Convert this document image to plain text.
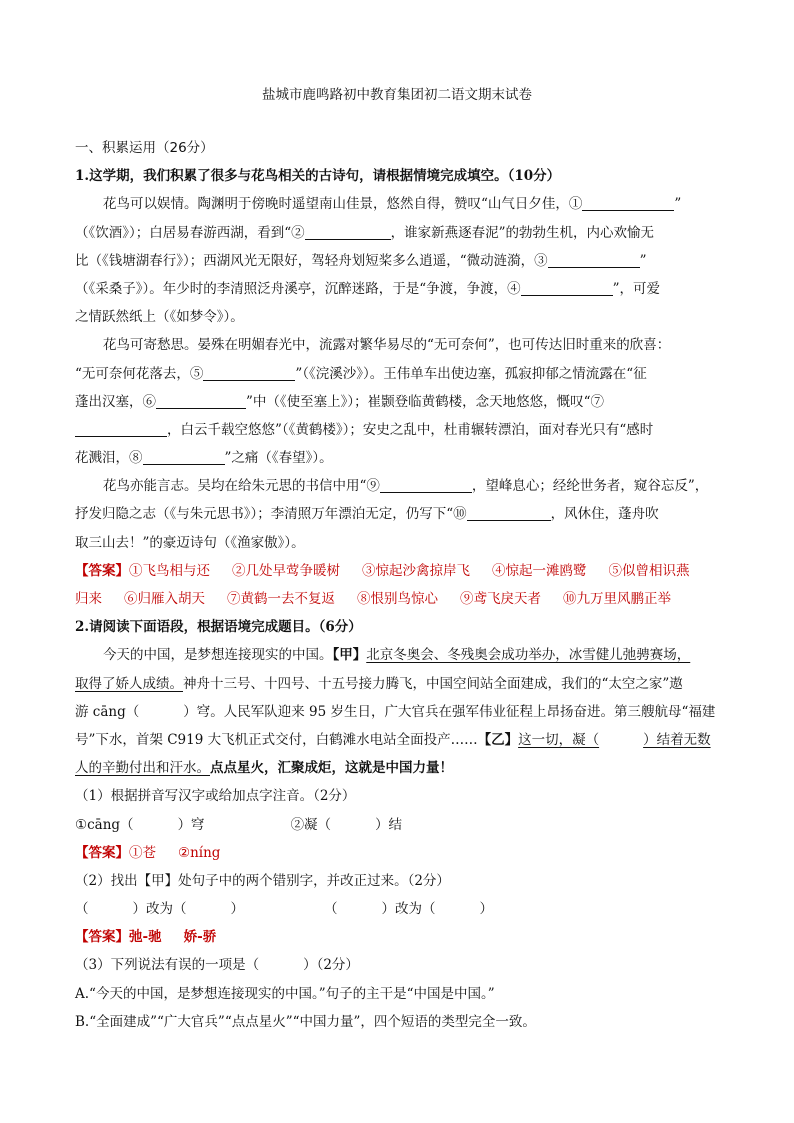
盐城市鹿鸣路初中教育集团初二语文期末试卷
一、积累运用（26分）
1.这学期，我们积累了很多与花鸟相关的古诗句，请根据情境完成填空。（10分）
花鸟可以娱情。陶渊明于傍晚时遥望南山佳景，悠然自得，赞叹“山气日夕佳，①	”
（《饮酒》）；白居易春游西湖，看到“②	，谁家新燕逐春泥”的勃勃生机，内心欢愉无
比（《钱塘湖春行》）；西湖风光无限好，驾轻舟划短桨多么逍遥，“微动涟漪，③	”
（《采桑子》）。年少时的李清照泛舟溪亭，沉醉迷路，于是“争渡，争渡，④	”，可爱
之情跃然纸上（《如梦令》）。
花鸟可寄愁思。晏殊在明媚春光中，流露对繁华易尽的“无可奈何”，也可传达旧时重来的欣喜：
“无可奈何花落去，⑤	”（《浣溪沙》）。王伟单车出使边塞，孤寂抑郁之情流露在“征
蓬出汉塞，⑥	”中（《使至塞上》）；崔颢登临黄鹤楼，念天地悠悠，慨叹“⑦
，白云千载空悠悠”（《黄鹤楼》）；安史之乱中，杜甫辗转漂泊，面对春光只有“感时
花溅泪，⑧	”之痛（《春望》）。
花鸟亦能言志。吴均在给朱元思的书信中用“⑨	，望峰息心；经纶世务者，窥谷忘反”，
抒发归隐之志（《与朱元思书》）；李清照万年漂泊无定，仍写下“⑩	，风休住，蓬舟吹
取三山去！”的豪迈诗句（《渔家傲》）。
【答案】①飞鸟相与还 ②几处早莺争暖树 ③惊起沙禽掠岸飞 ④惊起一滩鸥鹭 ⑤似曾相识燕
归来 ⑥归雁入胡天 ⑦黄鹤一去不复返 ⑧恨别鸟惊心 ⑨鸢飞戾天者 ⑩九万里风鹏正举
2.请阅读下面语段，根据语境完成题目。（6分）
今天的中国，是梦想连接现实的中国。【甲】北京冬奥会、冬残奥会成功举办，冰雪健儿弛骋赛场，
取得了娇人成绩。神舟十三号、十四号、十五号接力腾飞，中国空间站全面建成，我们的“太空之家”遨
游 cāng（	）穹。人民军队迎来 95 岁生日，广大官兵在强军伟业征程上昂扬奋进。第三艘航母“福建
号”下水，首架 C919 大飞机正式交付，白鹤滩水电站全面投产……【乙】这一切，凝（	）结着无数
人的辛勤付出和汗水。点点星火，汇聚成炬，这就是中国力量！
（1）根据拼音写汉字或给加点字注音。（2分）
①cāng（	）穹	②凝（	）结
【答案】①苍 ②níng
（2）找出【甲】处句子中的两个错别字，并改正过来。（2分）
（	）改为（	）	（	）改为（	）
【答案】弛-驰 娇-骄
（3）下列说法有误的一项是（	）（2分）
A.“今天的中国，是梦想连接现实的中国。”句子的主干是“中国是中国。”
B.“全面建成”“广大官兵”“点点星火”“中国力量”，四个短语的类型完全一致。
